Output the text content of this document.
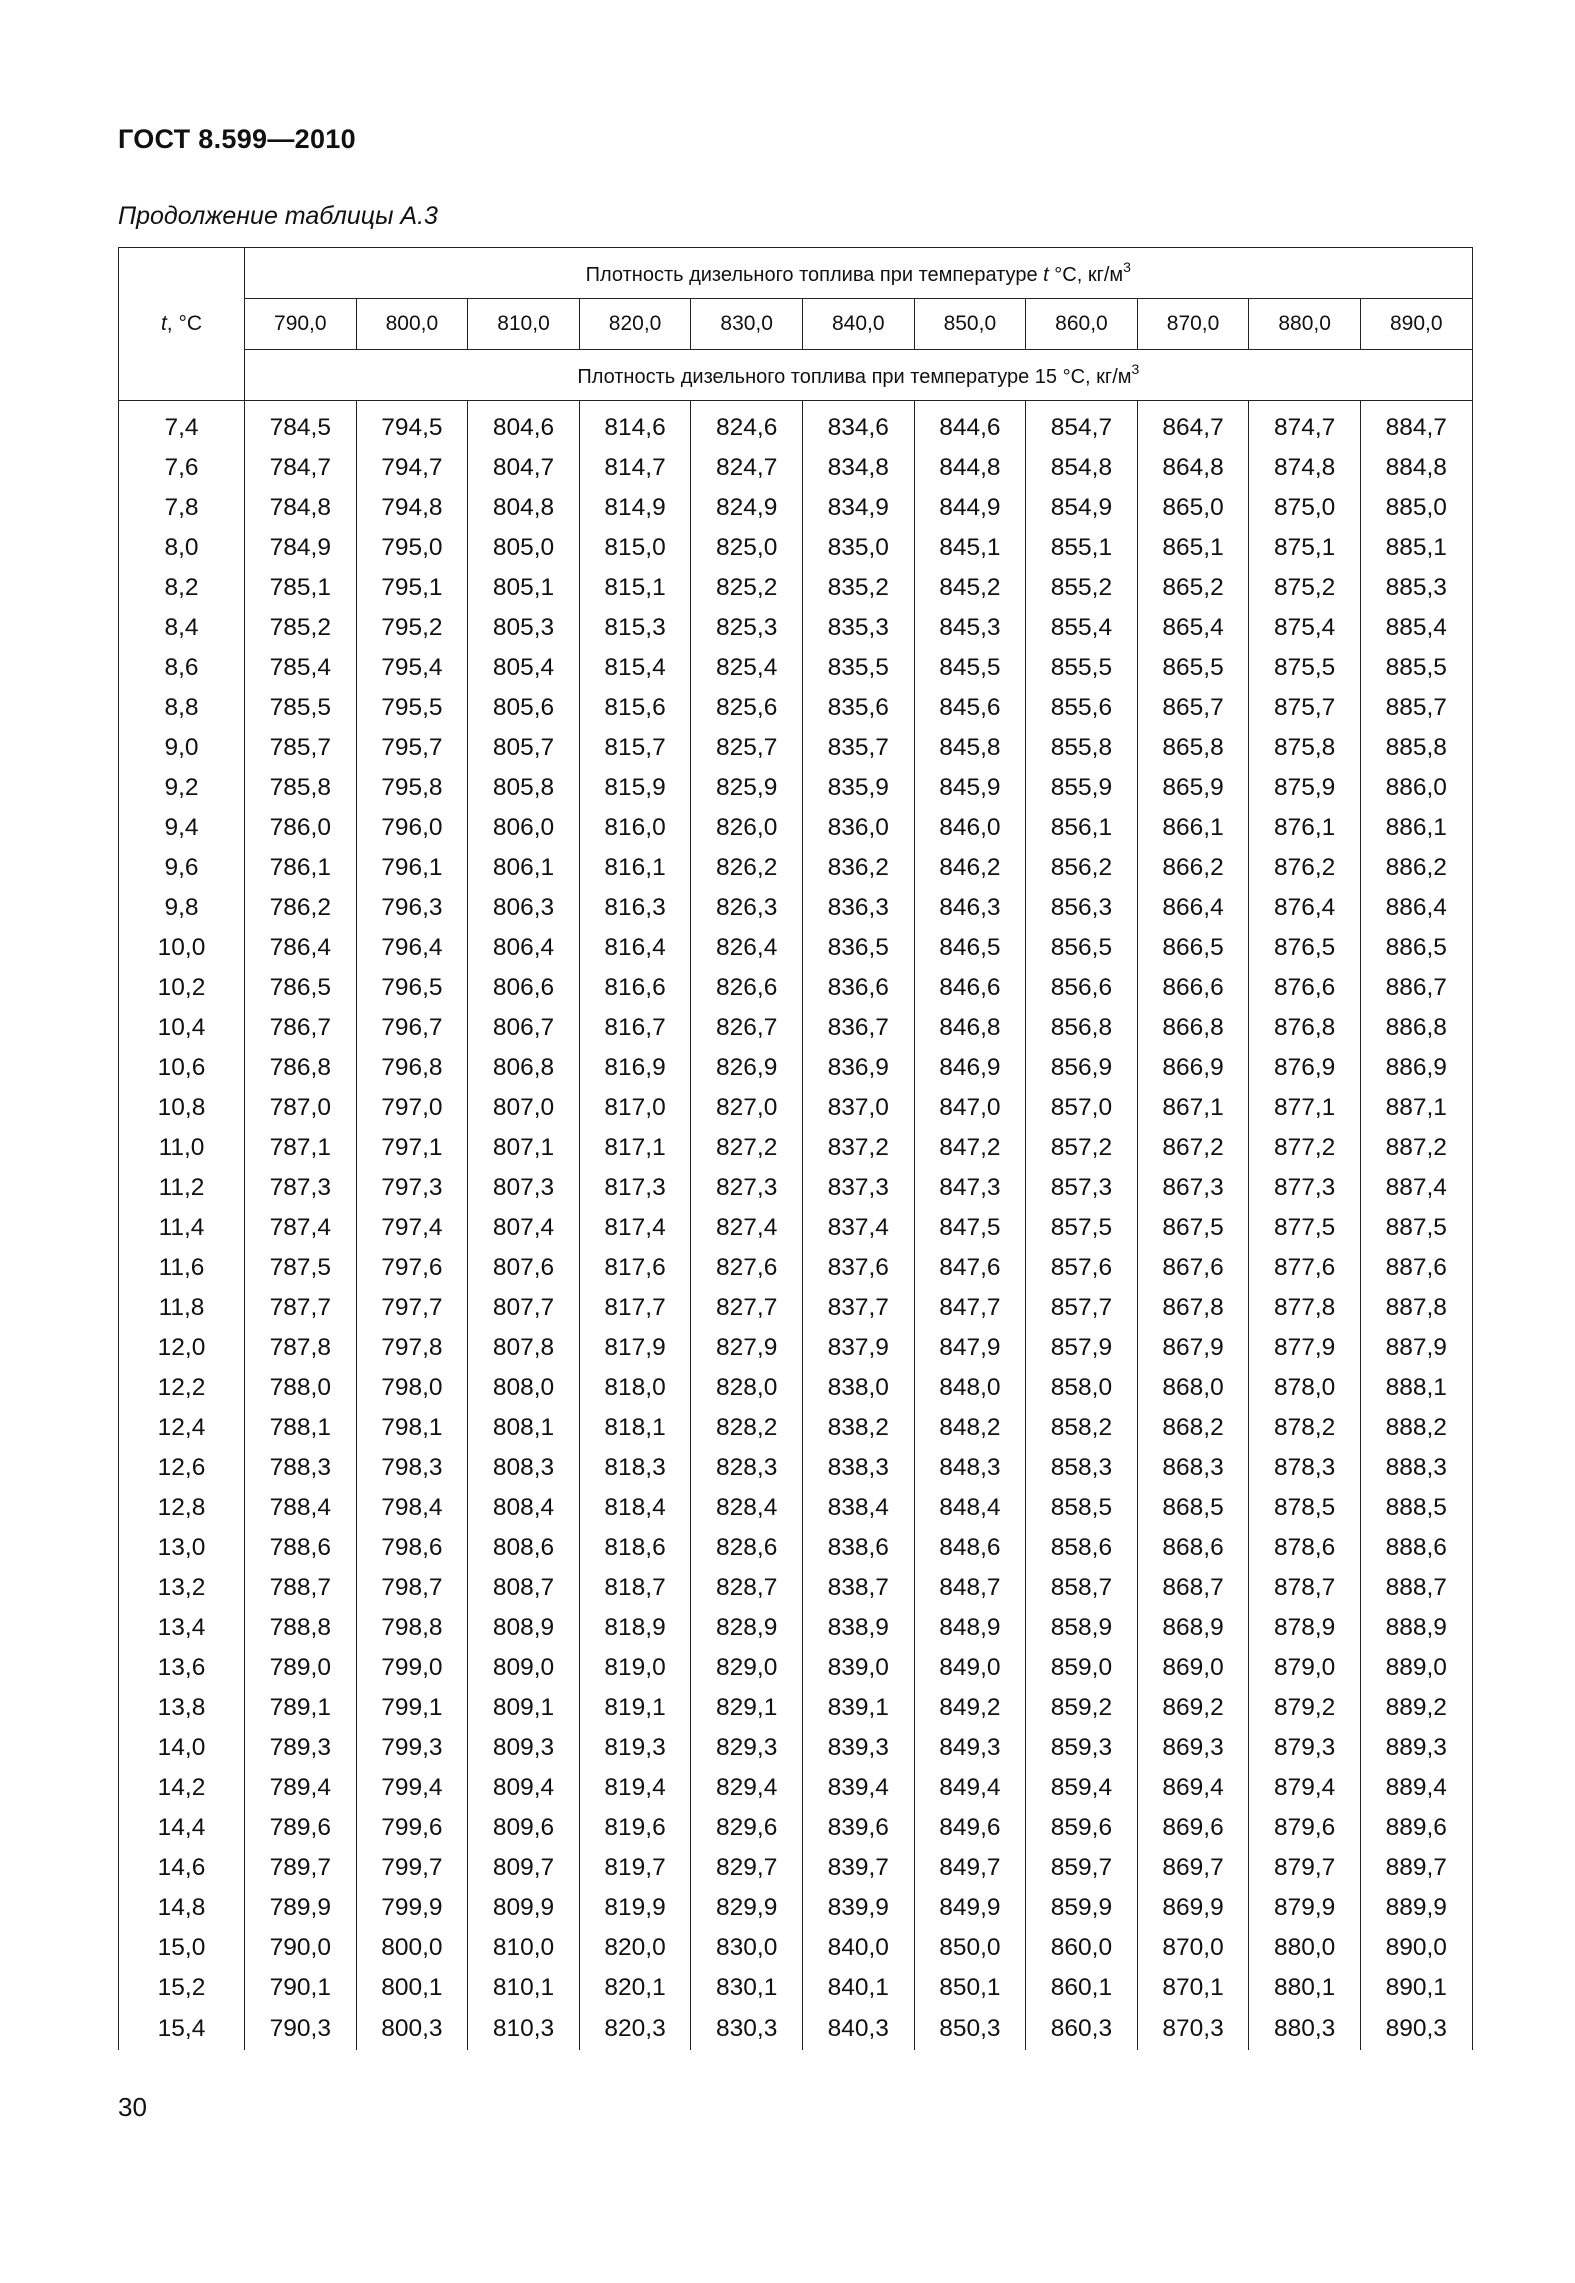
ГОСТ 8.599—2010
Продолжение таблицы А.3
t, °С	Плотность дизельного топлива при температуре t °С, $кг/м^3$
	790,0	800,0	810,0	820,0	830,0	840,0	850,0	860,0	870,0	880,0	890,0
	Плотность дизельного топлива при температуре 15 °С, $кг/м^3$

7,4	784,5	794,5	804,6	814,6	824,6	834,6	844,6	854,7	864,7	874,7	884,7
7,6	784,7	794,7	804,7	814,7	824,7	834,8	844,8	854,8	864,8	874,8	884,8
7,8	784,8	794,8	804,8	814,9	824,9	834,9	844,9	854,9	865,0	875,0	885,0
8,0	784,9	795,0	805,0	815,0	825,0	835,0	845,1	855,1	865,1	875,1	885,1
8,2	785,1	795,1	805,1	815,1	825,2	835,2	845,2	855,2	865,2	875,2	885,3
8,4	785,2	795,2	805,3	815,3	825,3	835,3	845,3	855,4	865,4	875,4	885,4
8,6	785,4	795,4	805,4	815,4	825,4	835,5	845,5	855,5	865,5	875,5	885,5
8,8	785,5	795,5	805,6	815,6	825,6	835,6	845,6	855,6	865,7	875,7	885,7
9,0	785,7	795,7	805,7	815,7	825,7	835,7	845,8	855,8	865,8	875,8	885,8
9,2	785,8	795,8	805,8	815,9	825,9	835,9	845,9	855,9	865,9	875,9	886,0
9,4	786,0	796,0	806,0	816,0	826,0	836,0	846,0	856,1	866,1	876,1	886,1
9,6	786,1	796,1	806,1	816,1	826,2	836,2	846,2	856,2	866,2	876,2	886,2
9,8	786,2	796,3	806,3	816,3	826,3	836,3	846,3	856,3	866,4	876,4	886,4
10,0	786,4	796,4	806,4	816,4	826,4	836,5	846,5	856,5	866,5	876,5	886,5
10,2	786,5	796,5	806,6	816,6	826,6	836,6	846,6	856,6	866,6	876,6	886,7
10,4	786,7	796,7	806,7	816,7	826,7	836,7	846,8	856,8	866,8	876,8	886,8
10,6	786,8	796,8	806,8	816,9	826,9	836,9	846,9	856,9	866,9	876,9	886,9
10,8	787,0	797,0	807,0	817,0	827,0	837,0	847,0	857,0	867,1	877,1	887,1
11,0	787,1	797,1	807,1	817,1	827,2	837,2	847,2	857,2	867,2	877,2	887,2
11,2	787,3	797,3	807,3	817,3	827,3	837,3	847,3	857,3	867,3	877,3	887,4
11,4	787,4	797,4	807,4	817,4	827,4	837,4	847,5	857,5	867,5	877,5	887,5
11,6	787,5	797,6	807,6	817,6	827,6	837,6	847,6	857,6	867,6	877,6	887,6
11,8	787,7	797,7	807,7	817,7	827,7	837,7	847,7	857,7	867,8	877,8	887,8
12,0	787,8	797,8	807,8	817,9	827,9	837,9	847,9	857,9	867,9	877,9	887,9
12,2	788,0	798,0	808,0	818,0	828,0	838,0	848,0	858,0	868,0	878,0	888,1
12,4	788,1	798,1	808,1	818,1	828,2	838,2	848,2	858,2	868,2	878,2	888,2
12,6	788,3	798,3	808,3	818,3	828,3	838,3	848,3	858,3	868,3	878,3	888,3
12,8	788,4	798,4	808,4	818,4	828,4	838,4	848,4	858,5	868,5	878,5	888,5
13,0	788,6	798,6	808,6	818,6	828,6	838,6	848,6	858,6	868,6	878,6	888,6
13,2	788,7	798,7	808,7	818,7	828,7	838,7	848,7	858,7	868,7	878,7	888,7
13,4	788,8	798,8	808,9	818,9	828,9	838,9	848,9	858,9	868,9	878,9	888,9
13,6	789,0	799,0	809,0	819,0	829,0	839,0	849,0	859,0	869,0	879,0	889,0
13,8	789,1	799,1	809,1	819,1	829,1	839,1	849,2	859,2	869,2	879,2	889,2
14,0	789,3	799,3	809,3	819,3	829,3	839,3	849,3	859,3	869,3	879,3	889,3
14,2	789,4	799,4	809,4	819,4	829,4	839,4	849,4	859,4	869,4	879,4	889,4
14,4	789,6	799,6	809,6	819,6	829,6	839,6	849,6	859,6	869,6	879,6	889,6
14,6	789,7	799,7	809,7	819,7	829,7	839,7	849,7	859,7	869,7	879,7	889,7
14,8	789,9	799,9	809,9	819,9	829,9	839,9	849,9	859,9	869,9	879,9	889,9
15,0	790,0	800,0	810,0	820,0	830,0	840,0	850,0	860,0	870,0	880,0	890,0
15,2	790,1	800,1	810,1	820,1	830,1	840,1	850,1	860,1	870,1	880,1	890,1
15,4	790,3	800,3	810,3	820,3	830,3	840,3	850,3	860,3	870,3	880,3	890,3
30
